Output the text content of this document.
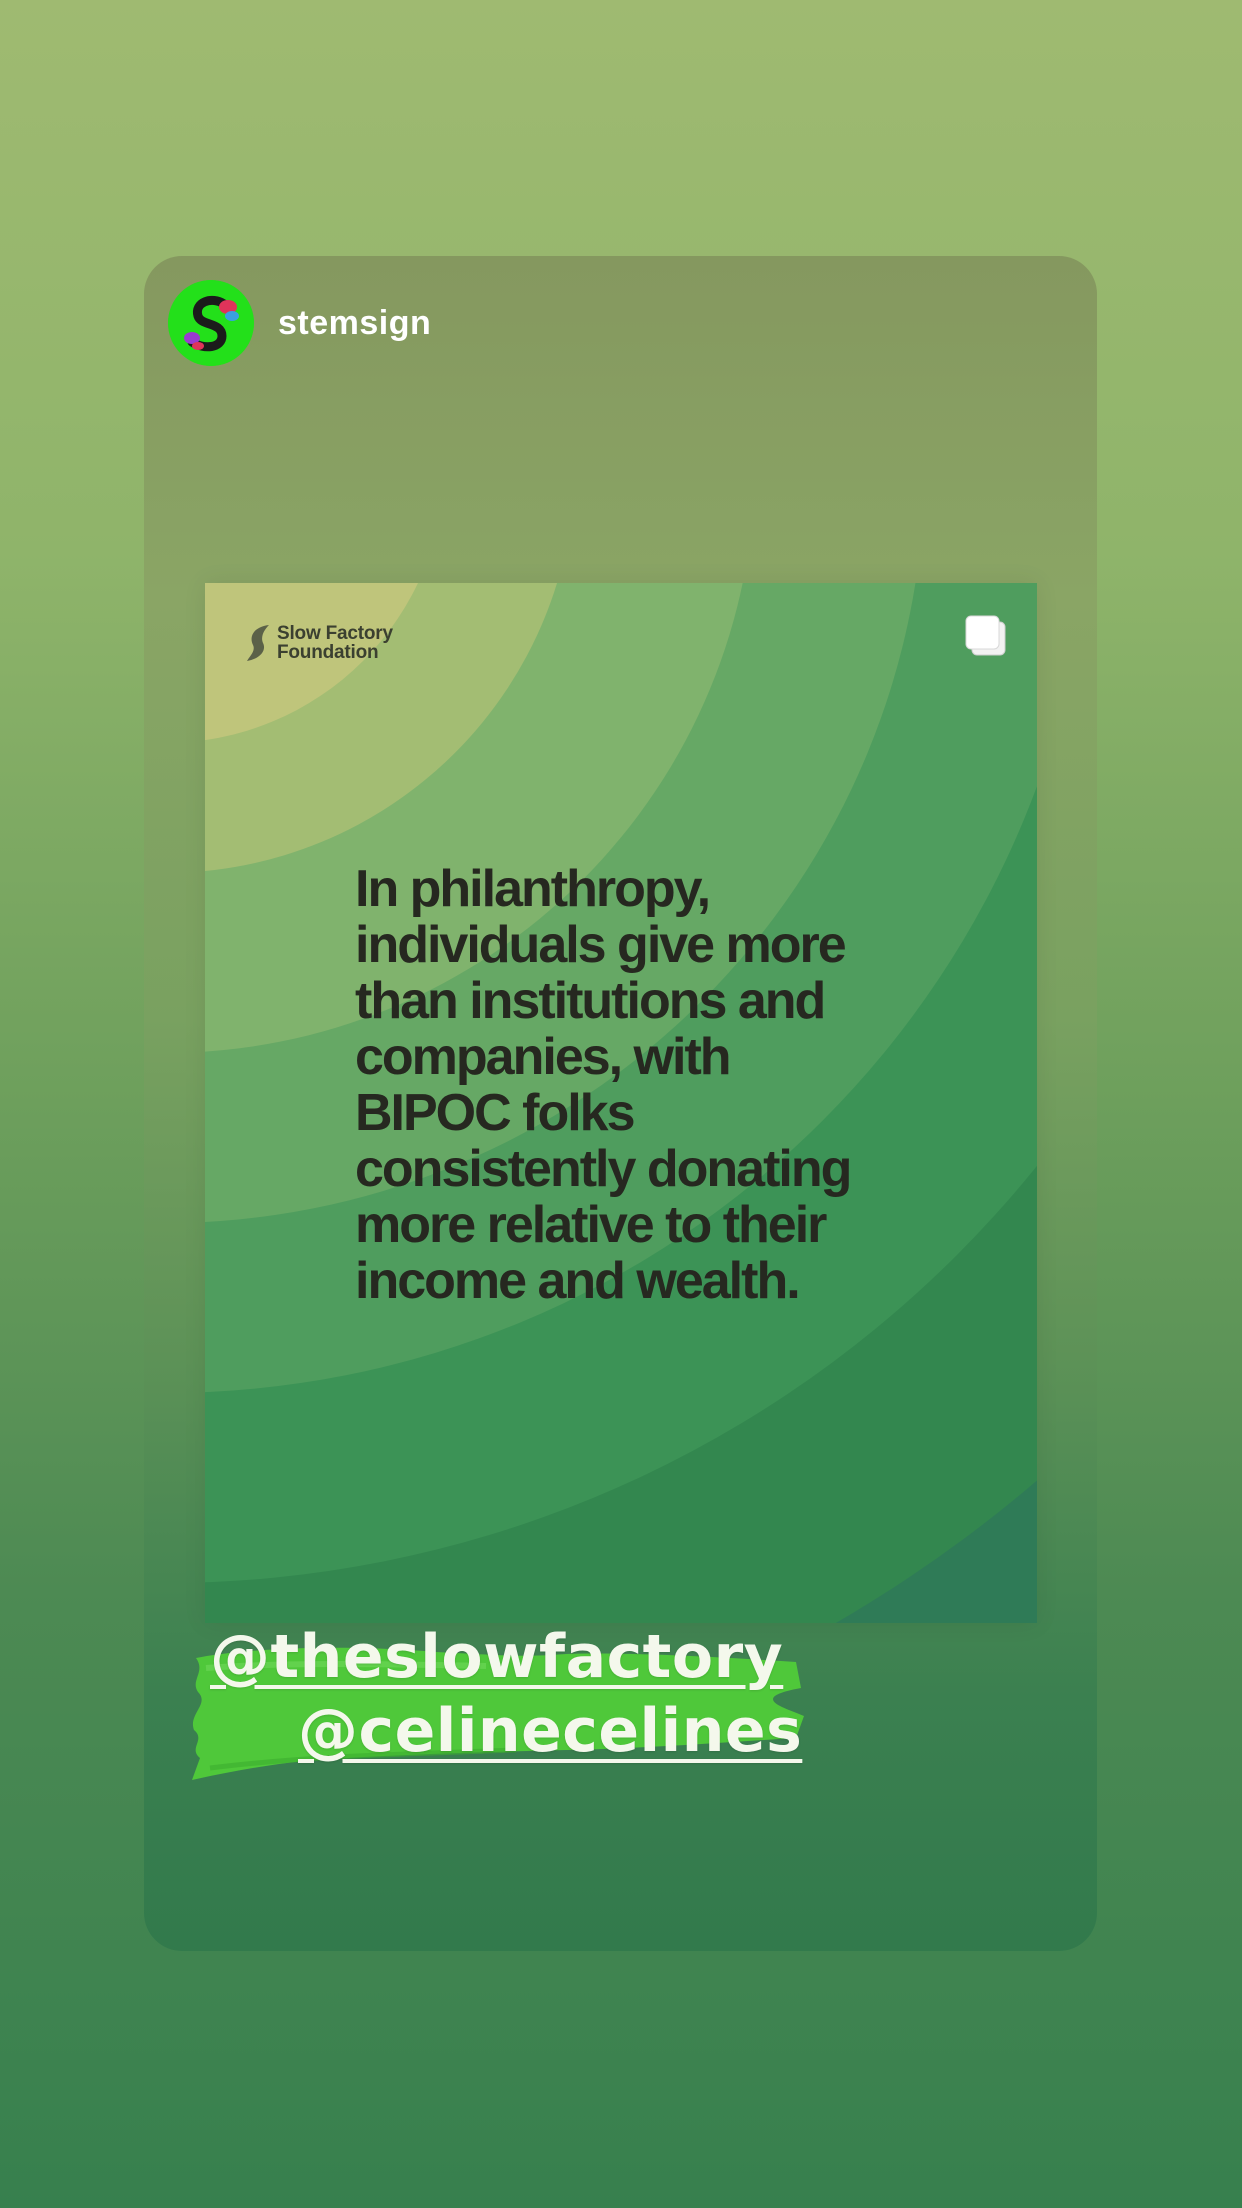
stemsign
Slow Factory
Foundation
In philanthropy,
individuals give more
than institutions and
companies, with
BIPOC folks
consistently donating
more relative to their
income and wealth.
@theslowfactory
@celinecelines
